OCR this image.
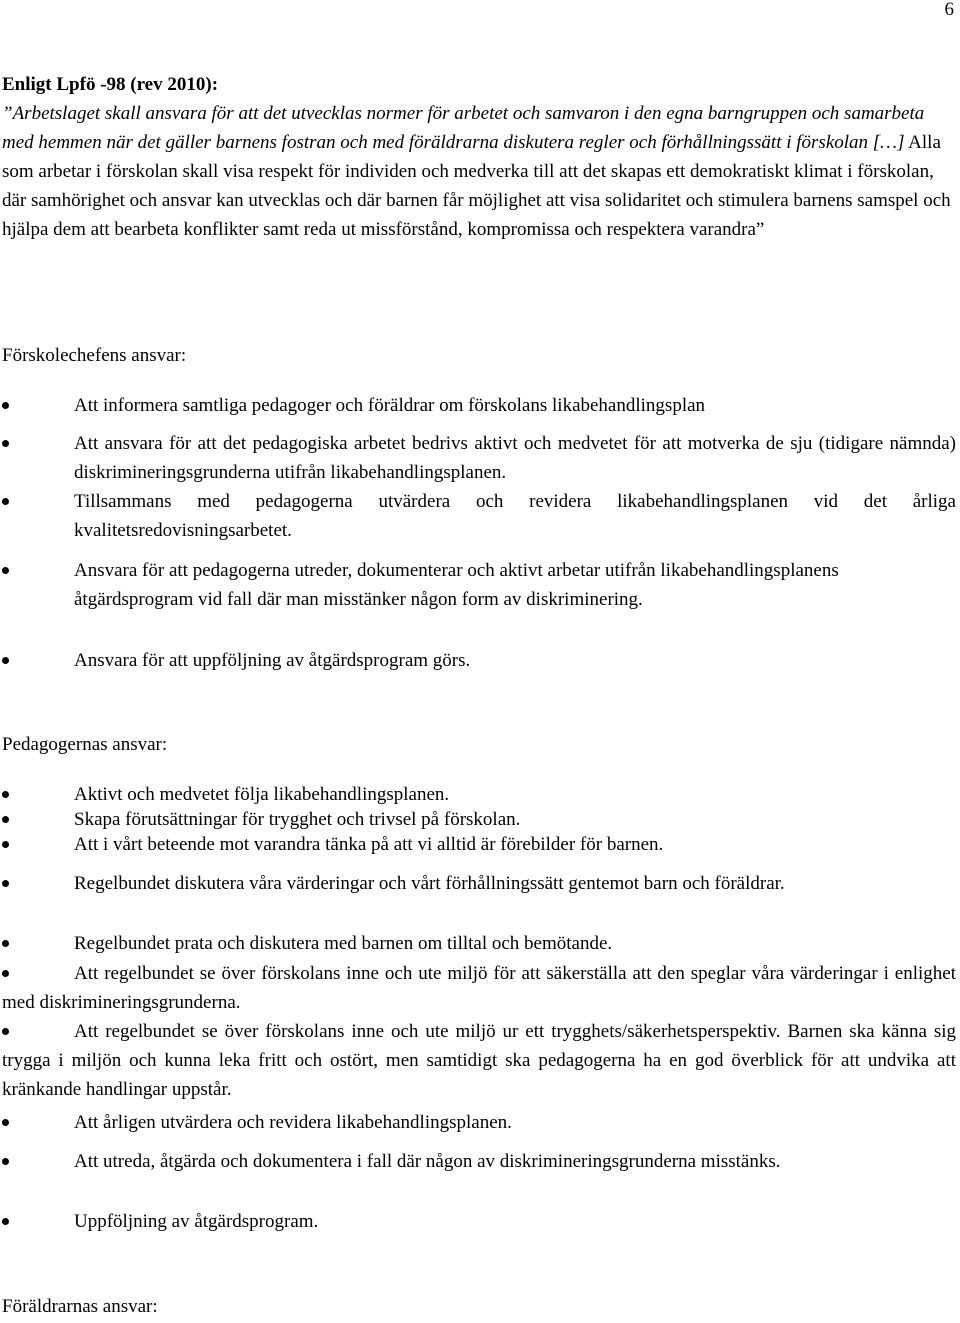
6
Enligt Lpfö -98 (rev 2010):
”Arbetslaget skall ansvara för att det utvecklas normer för arbetet och samvaron i den egna barngruppen och samarbeta med hemmen när det gäller barnens fostran och med föräldrarna diskutera regler och förhållningssätt i förskolan […] Alla som arbetar i förskolan skall visa respekt för individen och medverka till att det skapas ett demokratiskt klimat i förskolan, där samhörighet och ansvar kan utvecklas och där barnen får möjlighet att visa solidaritet och stimulera barnens samspel och hjälpa dem att bearbeta konflikter samt reda ut missförstånd, kompromissa och respektera varandra”
Förskolechefens ansvar:
Att informera samtliga pedagoger och föräldrar om förskolans likabehandlingsplan
Att ansvara för att det pedagogiska arbetet bedrivs aktivt och medvetet för att motverka de sju (tidigare nämnda) diskrimineringsgrunderna utifrån likabehandlingsplanen.
Tillsammans med pedagogerna utvärdera och revidera likabehandlingsplanen vid det årliga kvalitetsredovisningsarbetet.
Ansvara för att pedagogerna utreder, dokumenterar och aktivt arbetar utifrån likabehandlingsplanens åtgärdsprogram vid fall där man misstänker någon form av diskriminering.
Ansvara för att uppföljning av åtgärdsprogram görs.
Pedagogernas ansvar:
Aktivt och medvetet följa likabehandlingsplanen.
Skapa förutsättningar för trygghet och trivsel på förskolan.
Att i vårt beteende mot varandra tänka på att vi alltid är förebilder för barnen.
Regelbundet diskutera våra värderingar och vårt förhållningssätt gentemot barn och föräldrar.
Regelbundet prata och diskutera med barnen om tilltal och bemötande.
Att regelbundet se över förskolans inne och ute miljö för att säkerställa att den speglar våra värderingar i enlighet med diskrimineringsgrunderna.
Att regelbundet se över förskolans inne och ute miljö ur ett trygghets/säkerhetsperspektiv. Barnen ska känna sig trygga i miljön och kunna leka fritt och ostört, men samtidigt ska pedagogerna ha en god överblick för att undvika att kränkande handlingar uppstår.
Att årligen utvärdera och revidera likabehandlingsplanen.
Att utreda, åtgärda och dokumentera i fall där någon av diskrimineringsgrunderna misstänks.
Uppföljning av åtgärdsprogram.
Föräldrarnas ansvar:
